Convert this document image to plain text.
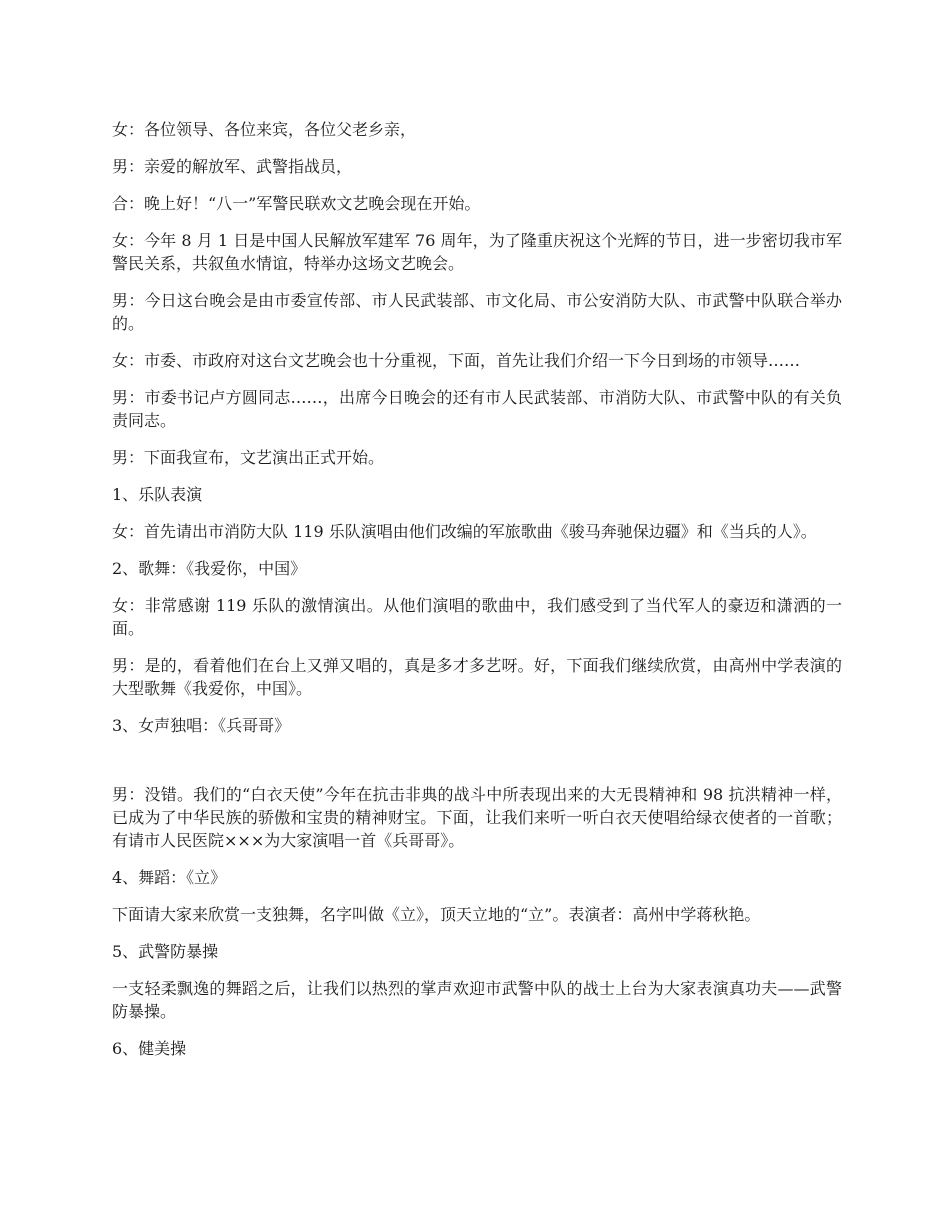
女：各位领导、各位来宾，各位父老乡亲，

男：亲爱的解放军、武警指战员，

合：晚上好！“八一”军警民联欢文艺晚会现在开始。

女：今年 8 月 1 日是中国人民解放军建军 76 周年，为了隆重庆祝这个光辉的节日，进一步密切我市军警民关系，共叙鱼水情谊，特举办这场文艺晚会。

男：今日这台晚会是由市委宣传部、市人民武装部、市文化局、市公安消防大队、市武警中队联合举办的。

女：市委、市政府对这台文艺晚会也十分重视，下面，首先让我们介绍一下今日到场的市领导……

男：市委书记卢方圆同志……，出席今日晚会的还有市人民武装部、市消防大队、市武警中队的有关负责同志。

男：下面我宣布，文艺演出正式开始。

1、乐队表演

女：首先请出市消防大队 119 乐队演唱由他们改编的军旅歌曲《骏马奔驰保边疆》和《当兵的人》。

2、歌舞：《我爱你，中国》

女：非常感谢 119 乐队的激情演出。从他们演唱的歌曲中，我们感受到了当代军人的豪迈和潇洒的一面。

男：是的，看着他们在台上又弹又唱的，真是多才多艺呀。好，下面我们继续欣赏，由高州中学表演的大型歌舞《我爱你，中国》。

3、女声独唱：《兵哥哥》

男：没错。我们的“白衣天使”今年在抗击非典的战斗中所表现出来的大无畏精神和 98 抗洪精神一样，已成为了中华民族的骄傲和宝贵的精神财宝。下面，让我们来听一听白衣天使唱给绿衣使者的一首歌；有请市人民医院×××为大家演唱一首《兵哥哥》。

4、舞蹈：《立》

下面请大家来欣赏一支独舞，名字叫做《立》，顶天立地的“立”。表演者：高州中学蒋秋艳。

5、武警防暴操

一支轻柔飘逸的舞蹈之后，让我们以热烈的掌声欢迎市武警中队的战士上台为大家表演真功夫——武警防暴操。

6、健美操
